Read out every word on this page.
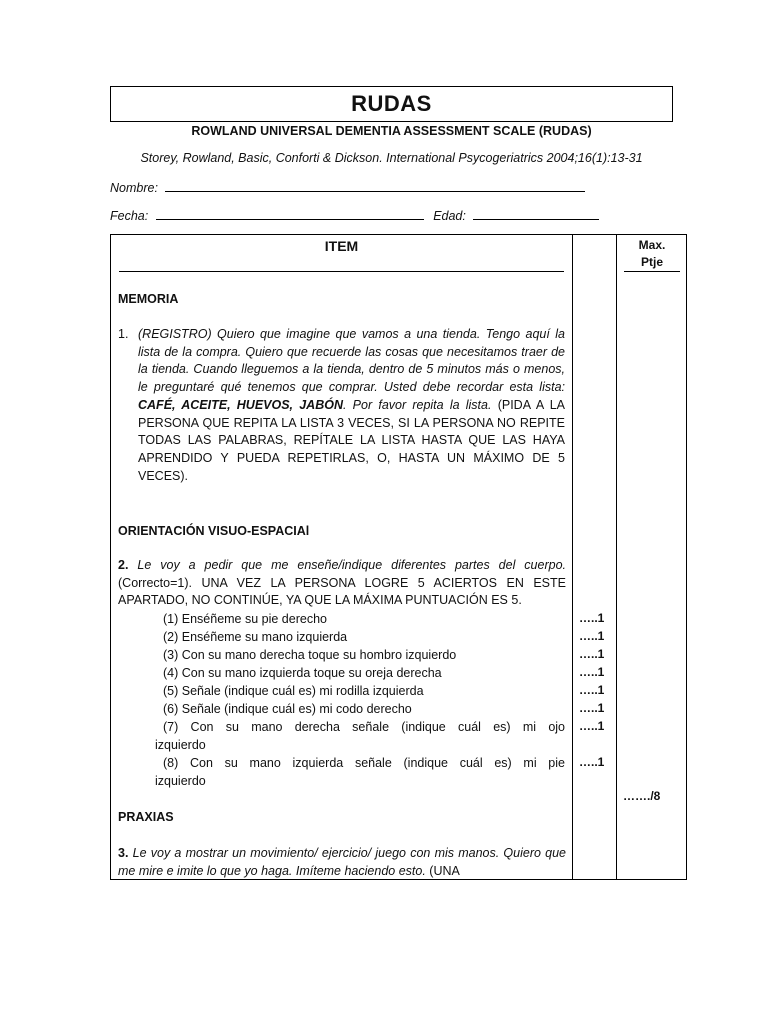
RUDAS
ROWLAND UNIVERSAL DEMENTIA ASSESSMENT SCALE (RUDAS)
Storey, Rowland, Basic, Conforti & Dickson. International Psycogeriatrics 2004;16(1):13-31
Nombre:
Fecha:	Edad:
ITEM	Max.
Ptje
MEMORIA
1. (REGISTRO) Quiero que imagine que vamos a una tienda. Tengo aquí la lista de la compra. Quiero que recuerde las cosas que necesitamos traer de la tienda. Cuando lleguemos a la tienda, dentro de 5 minutos más o menos, le preguntaré qué tenemos que comprar. Usted debe recordar esta lista: CAFÉ, ACEITE, HUEVOS, JABÓN. Por favor repita la lista. (PIDA A LA PERSONA QUE REPITA LA LISTA 3 VECES, SI LA PERSONA NO REPITE TODAS LAS PALABRAS, REPÍTALE LA LISTA HASTA QUE LAS HAYA APRENDIDO Y PUEDA REPETIRLAS, O, HASTA UN MÁXIMO DE 5 VECES).
ORIENTACIÓN VISUO-ESPACIAl
2. Le voy a pedir que me enseñe/indique diferentes partes del cuerpo. (Correcto=1). UNA VEZ LA PERSONA LOGRE 5 ACIERTOS EN ESTE APARTADO, NO CONTINÚE, YA QUE LA MÁXIMA PUNTUACIÓN ES 5.
(1) Enséñeme su pie derecho
(2) Enséñeme su mano izquierda
(3) Con su mano derecha toque su hombro izquierdo
(4) Con su mano izquierda toque su oreja derecha
(5) Señale (indique cuál es) mi rodilla izquierda
(6) Señale (indique cuál es) mi codo derecho
(7) Con su mano derecha señale (indique cuál es) mi ojo
izquierdo
(8) Con su mano izquierda señale (indique cuál es) mi pie
izquierdo
…..1
…..1
…..1
…..1
…..1
…..1
…..1
…..1
……./8
PRAXIAS
3. Le voy a mostrar un movimiento/ ejercicio/ juego con mis manos. Quiero que me mire e imite lo que yo haga. Imíteme haciendo esto. (UNA
